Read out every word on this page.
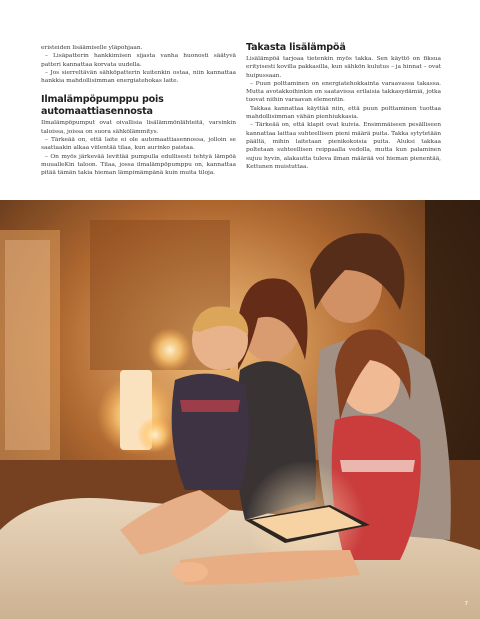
eristeiden lisäämiselle yläpohjaan.

– Lisäpatterin hankkimisen sijasta vanha huonosti säätyvä patteri kannattaa korvata uudella.

– Jos sierreltävän sähköpatterin kuitenkin ostaa, niin kannattaa hankkia mahdollisimman energiatehokas laite.

Ilmalämpöpumppu pois automaattiasennosta

Ilmalämpöpumput ovat oivallisia lisälämmönlähteitä, varsinkin taloissa, joissa on suora sähkölämmitys.

– Tärkeää on, että laite ei ole automaattiasennossa, jolloin se saattaakin alkaa viilentää tilaa, kun aurinko paistaa.

– On myös järkevää levittää pumpulla edullisesti tehtyä lämpöä muualleKin taloon. Tilaa, jossa ilmalämpöpumppu on, kannattaa pitää tämän takia hieman lämpimämpänä kuin muita tiloja.

Takasta lisälämpöä

Lisälämpöä tarjoaa tietenkin myös takka. Sen käyttö on fiksua erityisesti kovilla pakkasilla, kun sähkön kulutus – ja hinnat – ovat huipussaan.

– Puun polttaminen on energiatehokkainta varaavassa takassa. Mutta avotakkoihinkin on saatavissa erilaisia takkasydämiä, jotka tuovat niihin varaavan elementin.

Takkaa kannattaa käyttää niin, että puun polttaminen tuottaa mahdollisimman vähän pienhiukkasia.

– Tärkeää on, että klapit ovat kuivia. Ensimmäiseen pesälliseen kannattaa laittaa suhteellisen pieni määrä puita. Takka sytytetään päältä, mihin laitetaan pienikokoisia puita. Aluksi takkaa poltetaan suhteellisen reippaalla vedolla, mutta kun palaminen sujuu hyvin, alakautta tuleva ilman määrää voi hieman pienentää, Kettunen muistuttaa.

7
